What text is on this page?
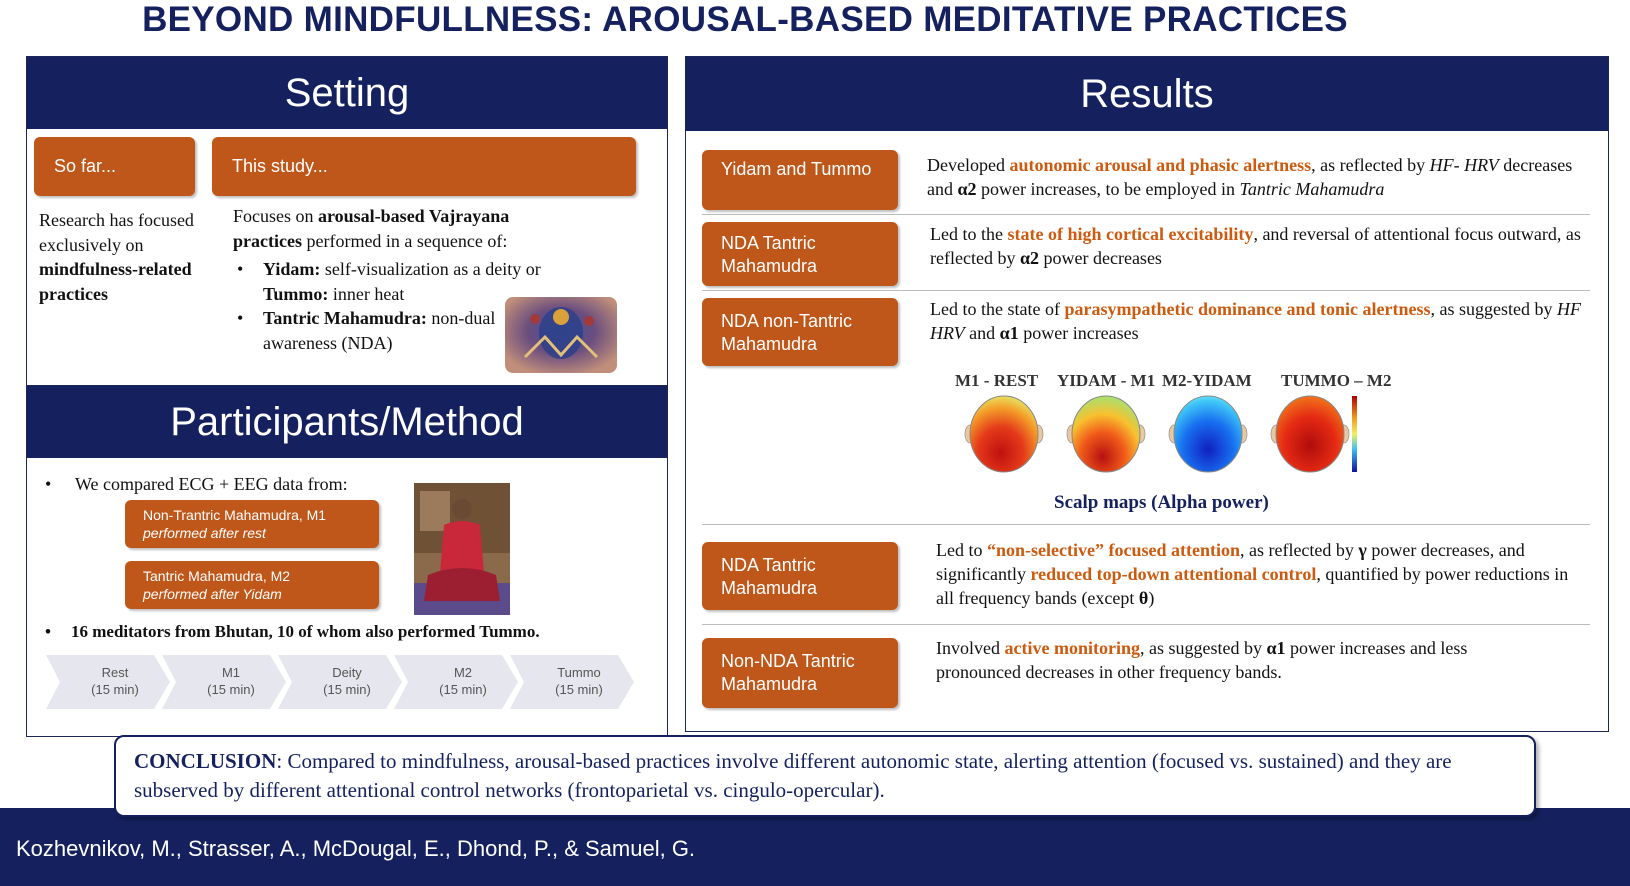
BEYOND MINDFULLNESS: AROUSAL-BASED MEDITATIVE PRACTICES
Setting
So far...	This study...
Research has focused exclusively on mindfulness-related practices
Focuses on arousal-based Vajrayana practices performed in a sequence of:
• Yidam: self-visualization as a deity or Tummo: inner heat
• Tantric Mahamudra: non-dual awareness (NDA)
Participants/Method
• We compared ECG + EEG data from:
Non-Trantric Mahamudra, M1
performed after rest
Tantric Mahamudra, M2
performed after Yidam
• 16 meditators from Bhutan, 10 of whom also performed Tummo.
Rest
(15 min)
M1
(15 min)
Deity
(15 min)
M2
(15 min)
Tummo
(15 min)
Results
Yidam and Tummo	Developed autonomic arousal and phasic alertness, as reflected by HF- HRV decreases and α2 power increases, to be employed in Tantric Mahamudra
NDA Tantric Mahamudra
Led to the state of high cortical excitability, and reversal of attentional focus outward, as reflected by α2 power decreases
NDA non-Tantric Mahamudra
Led to the state of parasympathetic dominance and tonic alertness, as suggested by HF HRV and α1 power increases
M1 - REST YIDAM - M1 M2-YIDAM TUMMO – M2
Scalp maps (Alpha power)
NDA Tantric Mahamudra
Led to “non-selective” focused attention, as reflected by γ power decreases, and significantly reduced top-down attentional control, quantified by power reductions in all frequency bands (except θ)
Non-NDA Tantric Mahamudra
Involved active monitoring, as suggested by α1 power increases and less pronounced decreases in other frequency bands.
Kozhevnikov, M., Strasser, A., McDougal, E., Dhond, P., & Samuel, G.
CONCLUSION: Compared to mindfulness, arousal-based practices involve different autonomic state, alerting attention (focused vs. sustained) and they are subserved by different attentional control networks (frontoparietal vs. cingulo-opercular).
